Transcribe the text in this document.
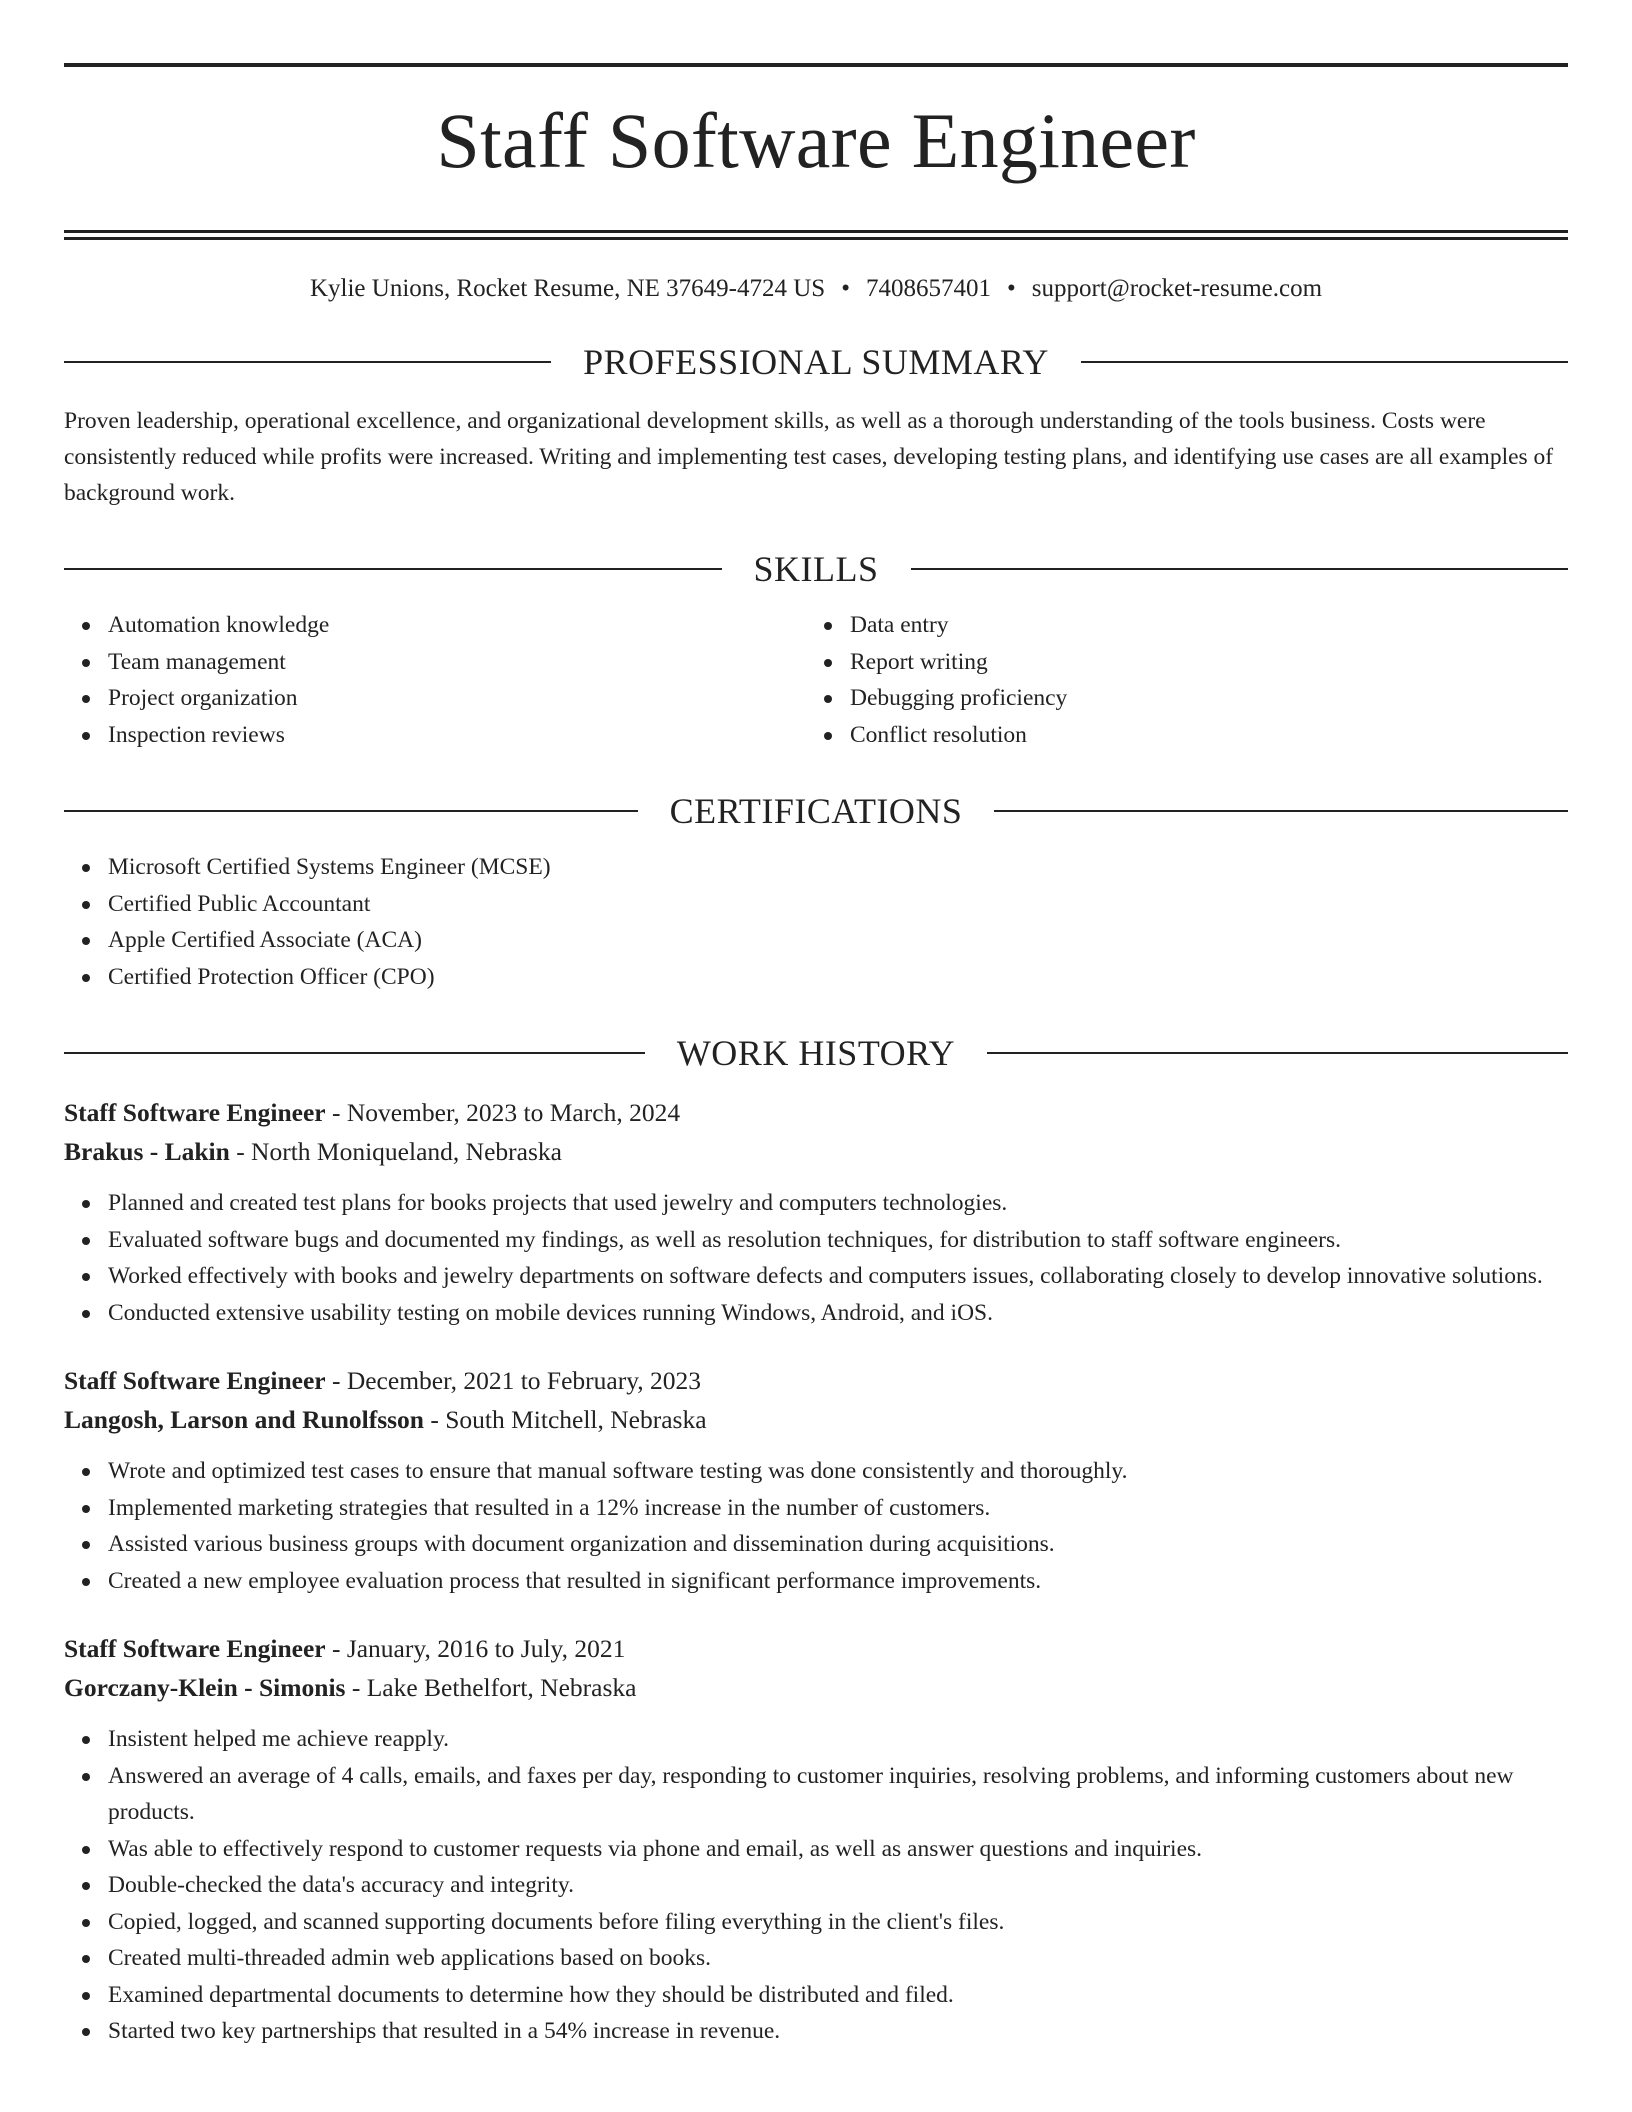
Staff Software Engineer
Kylie Unions, Rocket Resume, NE 37649-4724 US • 7408657401 • support@rocket-resume.com
PROFESSIONAL SUMMARY
Proven leadership, operational excellence, and organizational development skills, as well as a thorough understanding of the tools business. Costs were consistently reduced while profits were increased. Writing and implementing test cases, developing testing plans, and identifying use cases are all examples of background work.
SKILLS
Automation knowledge
Team management
Project organization
Inspection reviews
Data entry
Report writing
Debugging proficiency
Conflict resolution
CERTIFICATIONS
Microsoft Certified Systems Engineer (MCSE)
Certified Public Accountant
Apple Certified Associate (ACA)
Certified Protection Officer (CPO)
WORK HISTORY
Staff Software Engineer - November, 2023 to March, 2024
Brakus - Lakin - North Moniqueland, Nebraska
Planned and created test plans for books projects that used jewelry and computers technologies.
Evaluated software bugs and documented my findings, as well as resolution techniques, for distribution to staff software engineers.
Worked effectively with books and jewelry departments on software defects and computers issues, collaborating closely to develop innovative solutions.
Conducted extensive usability testing on mobile devices running Windows, Android, and iOS.
Staff Software Engineer - December, 2021 to February, 2023
Langosh, Larson and Runolfsson - South Mitchell, Nebraska
Wrote and optimized test cases to ensure that manual software testing was done consistently and thoroughly.
Implemented marketing strategies that resulted in a 12% increase in the number of customers.
Assisted various business groups with document organization and dissemination during acquisitions.
Created a new employee evaluation process that resulted in significant performance improvements.
Staff Software Engineer - January, 2016 to July, 2021
Gorczany-Klein - Simonis - Lake Bethelfort, Nebraska
Insistent helped me achieve reapply.
Answered an average of 4 calls, emails, and faxes per day, responding to customer inquiries, resolving problems, and informing customers about new products.
Was able to effectively respond to customer requests via phone and email, as well as answer questions and inquiries.
Double-checked the data's accuracy and integrity.
Copied, logged, and scanned supporting documents before filing everything in the client's files.
Created multi-threaded admin web applications based on books.
Examined departmental documents to determine how they should be distributed and filed.
Started two key partnerships that resulted in a 54% increase in revenue.
